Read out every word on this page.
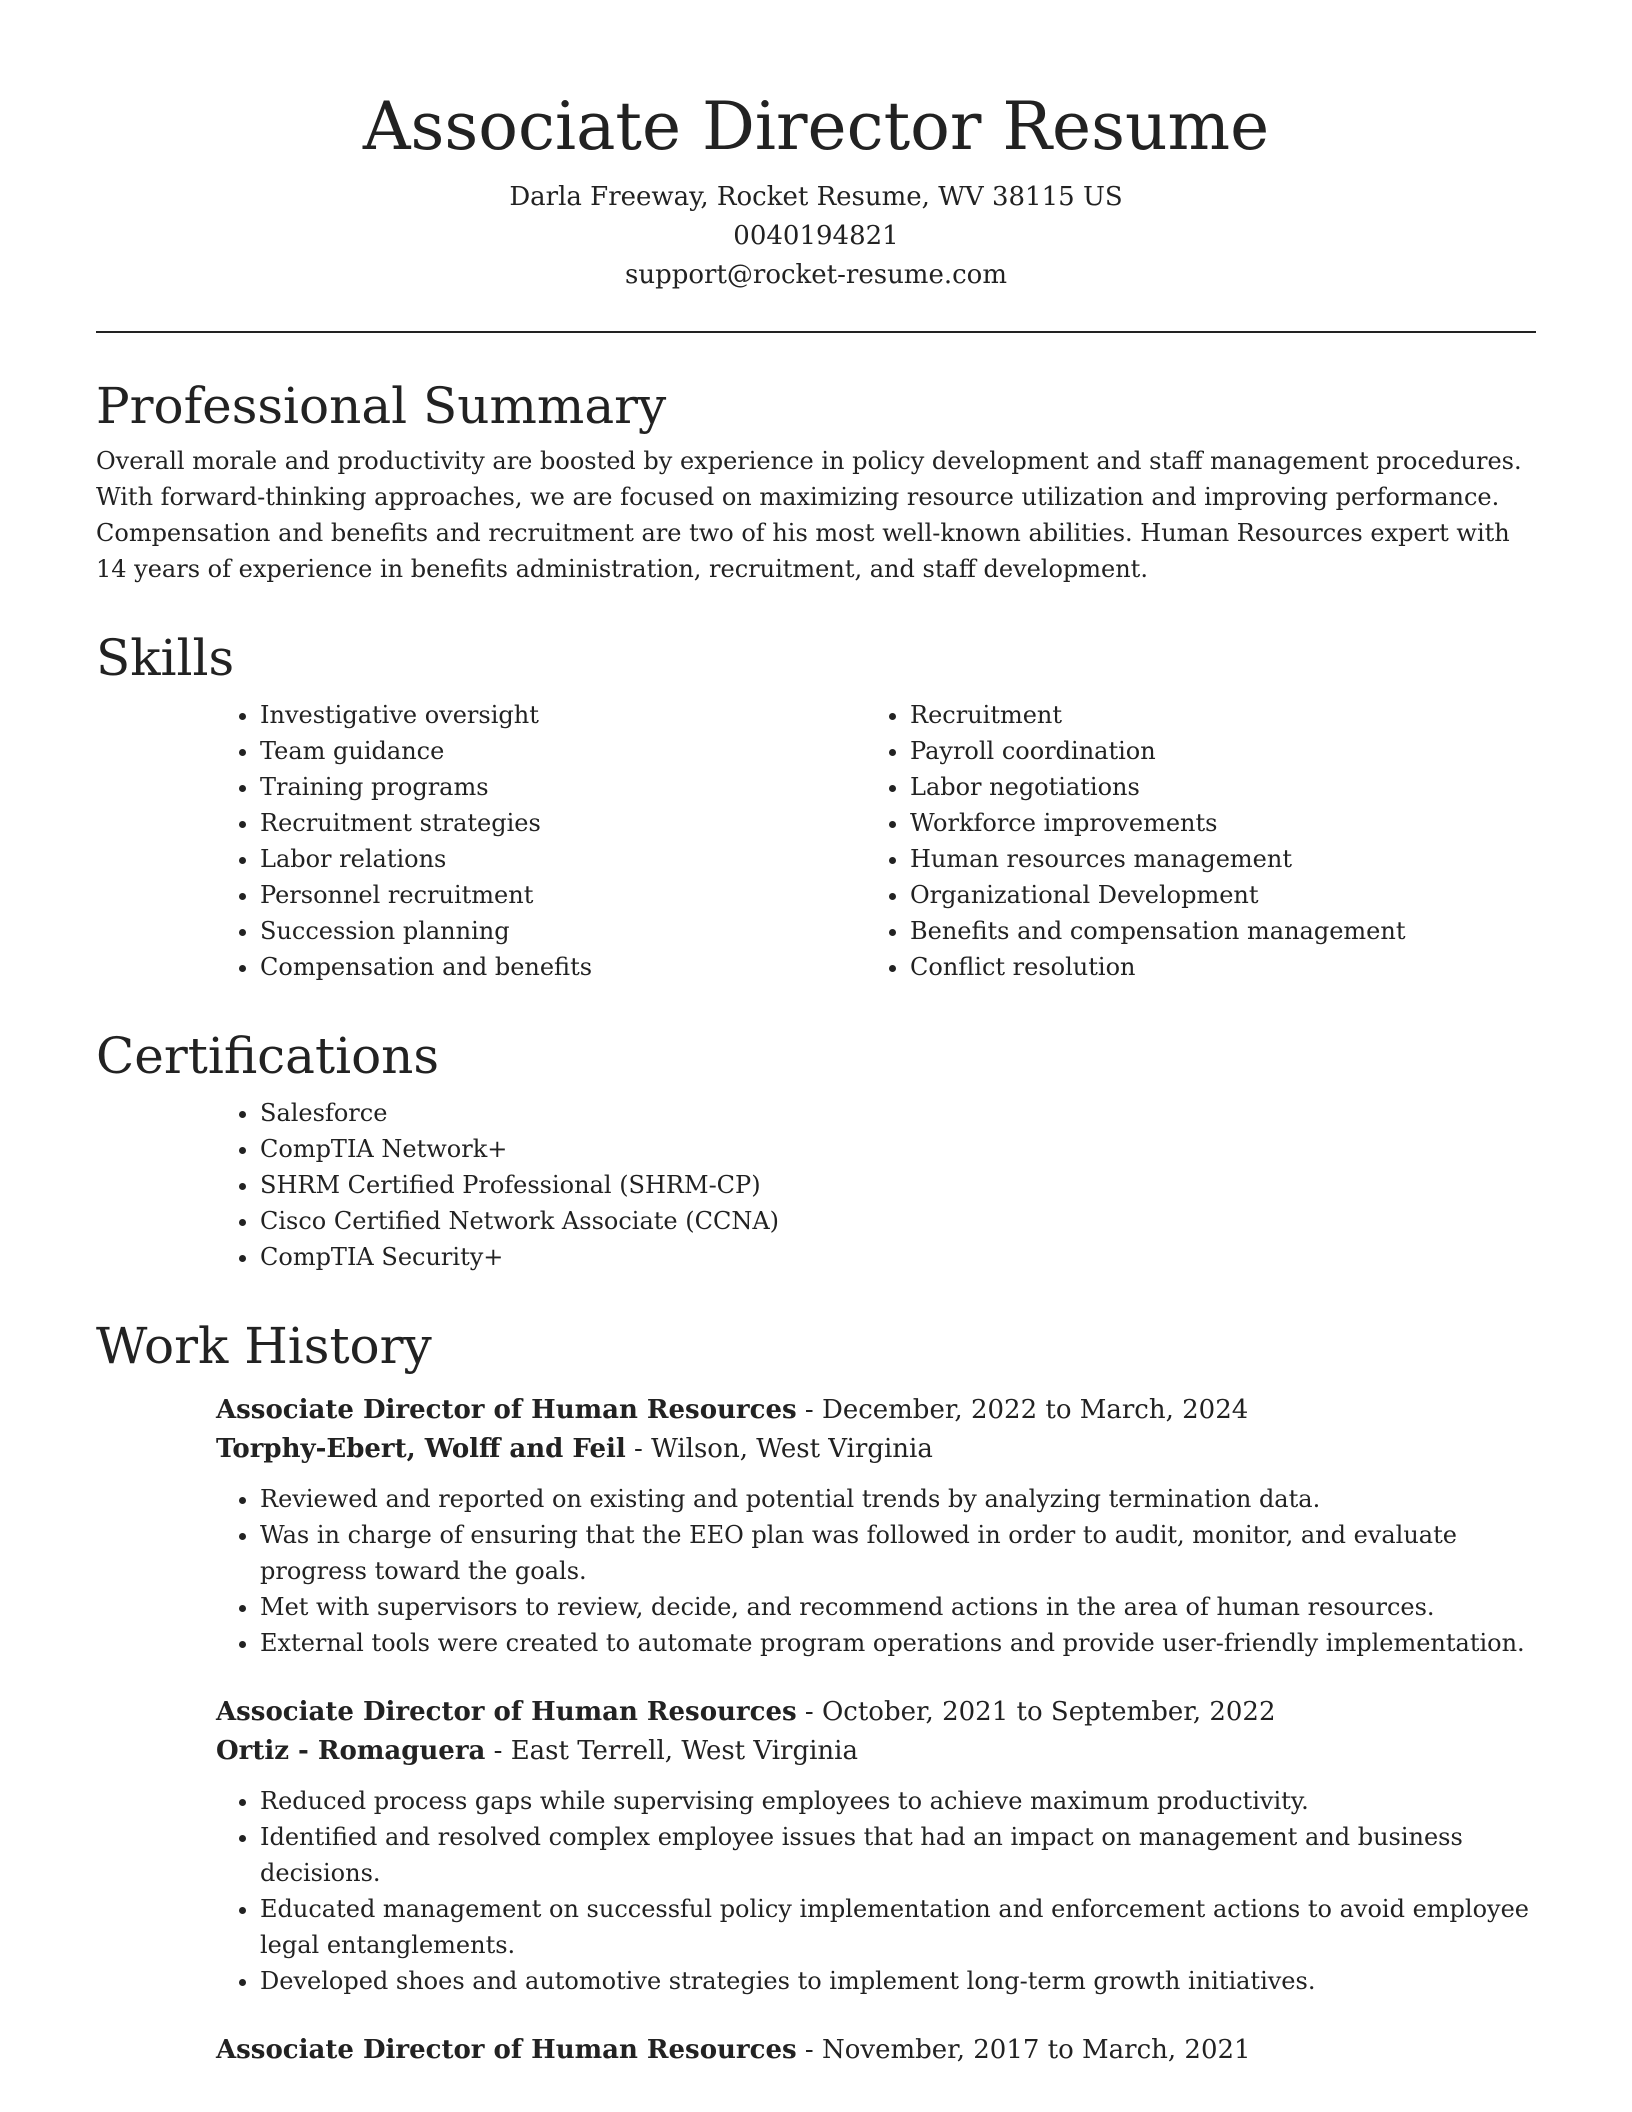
Associate Director Resume

Darla Freeway, Rocket Resume, WV 38115 US

0040194821

support@rocket-resume.com

Professional Summary

Overall morale and productivity are boosted by experience in policy development and staff management procedures. With forward-thinking approaches, we are focused on maximizing resource utilization and improving performance. Compensation and benefits and recruitment are two of his most well-known abilities. Human Resources expert with 14 years of experience in benefits administration, recruitment, and staff development.

Skills
• Investigative oversight
• Team guidance
• Training programs
• Recruitment strategies
• Labor relations
• Personnel recruitment
• Succession planning
• Compensation and benefits
• Recruitment
• Payroll coordination
• Labor negotiations
• Workforce improvements
• Human resources management
• Organizational Development
• Benefits and compensation management
• Conflict resolution
Certifications
• Salesforce
• CompTIA Network+
• SHRM Certified Professional (SHRM-CP)
• Cisco Certified Network Associate (CCNA)
• CompTIA Security+
Work History

Associate Director of Human Resources - December, 2022 to March, 2024

Torphy-Ebert, Wolff and Feil - Wilson, West Virginia

• Reviewed and reported on existing and potential trends by analyzing termination data.
• Was in charge of ensuring that the EEO plan was followed in order to audit, monitor, and evaluate progress toward the goals.
• Met with supervisors to review, decide, and recommend actions in the area of human resources.
• External tools were created to automate program operations and provide user-friendly implementation.

Associate Director of Human Resources - October, 2021 to September, 2022

Ortiz - Romaguera - East Terrell, West Virginia

• Reduced process gaps while supervising employees to achieve maximum productivity.
• Identified and resolved complex employee issues that had an impact on management and business decisions.
• Educated management on successful policy implementation and enforcement actions to avoid employee legal entanglements.
• Developed shoes and automotive strategies to implement long-term growth initiatives.

Associate Director of Human Resources - November, 2017 to March, 2021
